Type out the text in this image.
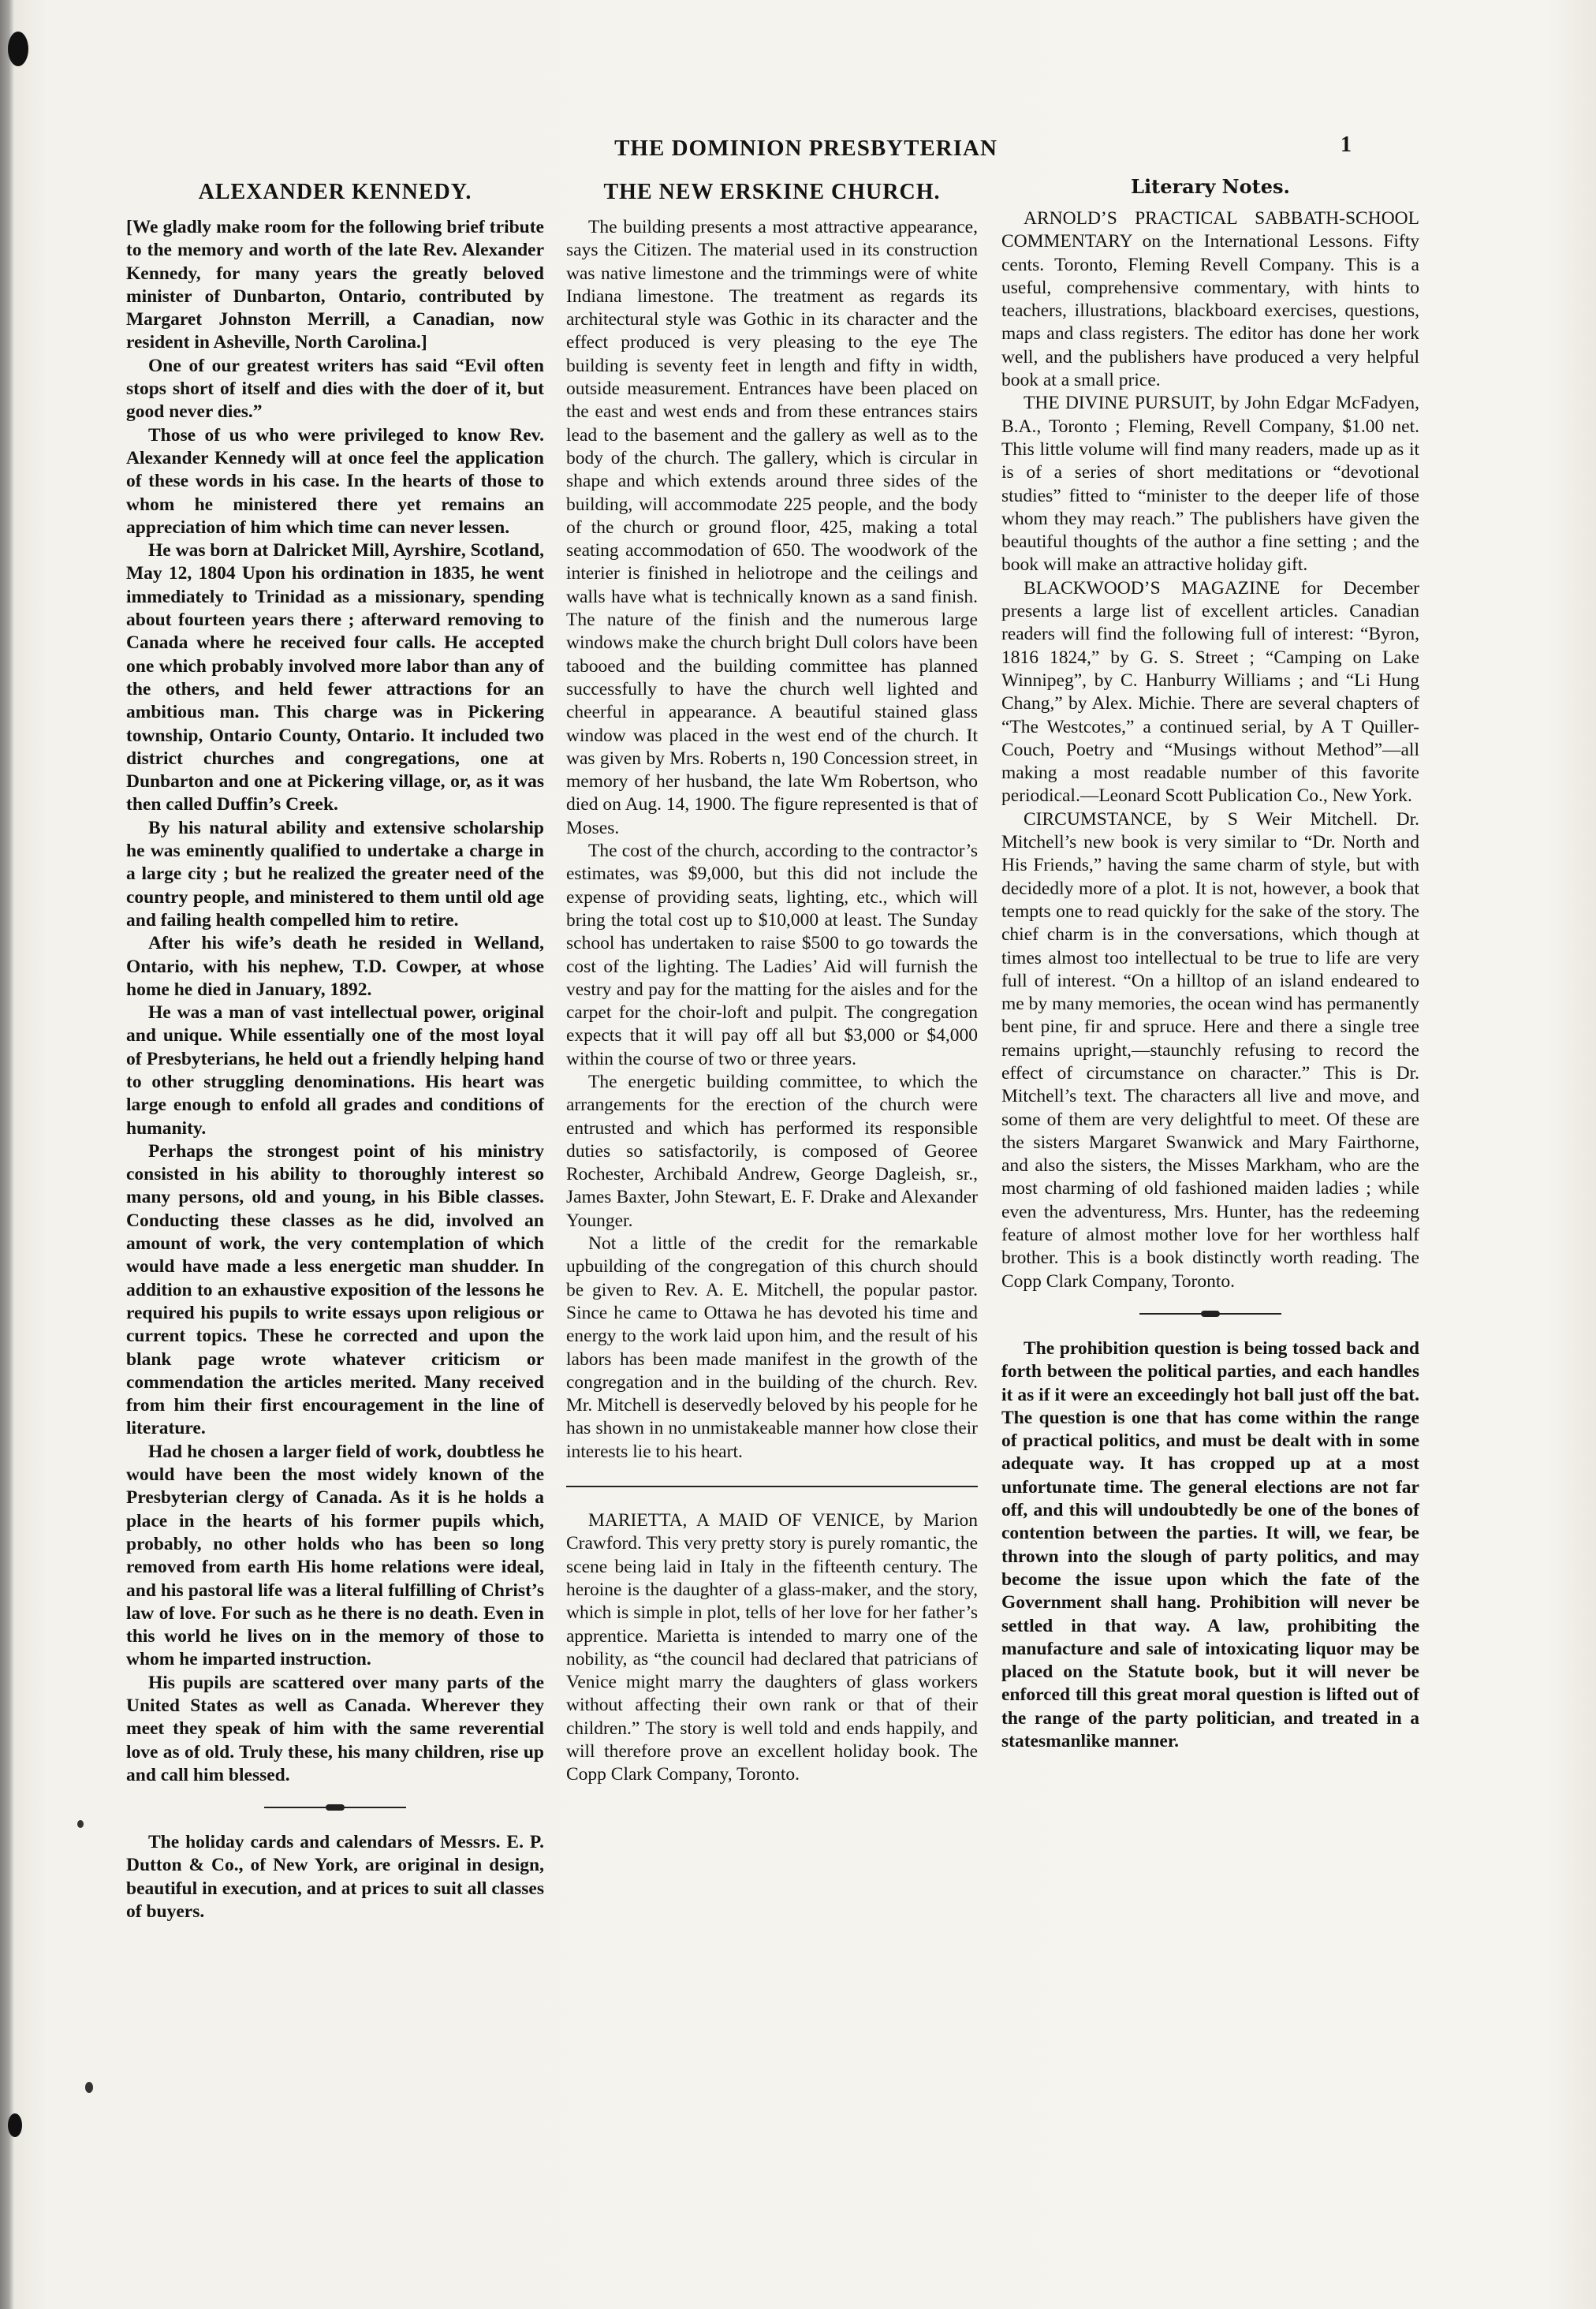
THE DOMINION PRESBYTERIAN	1
ALEXANDER KENNEDY.

[We gladly make room for the following brief tribute to the memory and worth of the late Rev. Alexander Kennedy, for many years the greatly beloved minister of Dunbarton, Ontario, contributed by Margaret Johnston Merrill, a Canadian, now resident in Asheville, North Carolina.]

One of our greatest writers has said “Evil often stops short of itself and dies with the doer of it, but good never dies.”

Those of us who were privileged to know Rev. Alexander Kennedy will at once feel the application of these words in his case. In the hearts of those to whom he ministered there yet remains an appreciation of him which time can never lessen.

He was born at Dalricket Mill, Ayrshire, Scotland, May 12, 1804 Upon his ordination in 1835, he went immediately to Trinidad as a missionary, spending about fourteen years there ; afterward removing to Canada where he received four calls. He accepted one which probably involved more labor than any of the others, and held fewer attractions for an ambitious man. This charge was in Pickering township, Ontario County, Ontario. It included two district churches and congregations, one at Dunbarton and one at Pickering village, or, as it was then called Duffin’s Creek.

By his natural ability and extensive scholarship he was eminently qualified to undertake a charge in a large city ; but he realized the greater need of the country people, and ministered to them until old age and failing health compelled him to retire.

After his wife’s death he resided in Welland, Ontario, with his nephew, T.D. Cowper, at whose home he died in January, 1892.

He was a man of vast intellectual power, original and unique. While essentially one of the most loyal of Presbyterians, he held out a friendly helping hand to other struggling denominations. His heart was large enough to enfold all grades and conditions of humanity.

Perhaps the strongest point of his ministry consisted in his ability to thoroughly interest so many persons, old and young, in his Bible classes. Conducting these classes as he did, involved an amount of work, the very contemplation of which would have made a less energetic man shudder. In addition to an exhaustive exposition of the lessons he required his pupils to write essays upon religious or current topics. These he corrected and upon the blank page wrote whatever criticism or commendation the articles merited. Many received from him their first encouragement in the line of literature.

Had he chosen a larger field of work, doubtless he would have been the most widely known of the Presbyterian clergy of Canada. As it is he holds a place in the hearts of his former pupils which, probably, no other holds who has been so long removed from earth His home relations were ideal, and his pastoral life was a literal fulfilling of Christ’s law of love. For such as he there is no death. Even in this world he lives on in the memory of those to whom he imparted instruction.

His pupils are scattered over many parts of the United States as well as Canada. Wherever they meet they speak of him with the same reverential love as of old. Truly these, his many children, rise up and call him blessed.

The holiday cards and calendars of Messrs. E. P. Dutton & Co., of New York, are original in design, beautiful in execution, and at prices to suit all classes of buyers.

THE NEW ERSKINE CHURCH.

The building presents a most attractive appearance, says the Citizen. The material used in its construction was native limestone and the trimmings were of white Indiana limestone. The treatment as regards its architectural style was Gothic in its character and the effect produced is very pleasing to the eye The building is seventy feet in length and fifty in width, outside measurement. Entrances have been placed on the east and west ends and from these entrances stairs lead to the basement and the gallery as well as to the body of the church. The gallery, which is circular in shape and which extends around three sides of the building, will accommodate 225 people, and the body of the church or ground floor, 425, making a total seating accommodation of 650. The woodwork of the interier is finished in heliotrope and the ceilings and walls have what is technically known as a sand finish. The nature of the finish and the numerous large windows make the church bright Dull colors have been tabooed and the building committee has planned successfully to have the church well lighted and cheerful in appearance. A beautiful stained glass window was placed in the west end of the church. It was given by Mrs. Roberts n, 190 Concession street, in memory of her husband, the late Wm Robertson, who died on Aug. 14, 1900. The figure represented is that of Moses.

The cost of the church, according to the contractor’s estimates, was $9,000, but this did not include the expense of providing seats, lighting, etc., which will bring the total cost up to $10,000 at least. The Sunday school has undertaken to raise $500 to go towards the cost of the lighting. The Ladies’ Aid will furnish the vestry and pay for the matting for the aisles and for the carpet for the choir-loft and pulpit. The congregation expects that it will pay off all but $3,000 or $4,000 within the course of two or three years.

The energetic building committee, to which the arrangements for the erection of the church were entrusted and which has performed its responsible duties so satisfactorily, is composed of Georee Rochester, Archibald Andrew, George Dagleish, sr., James Baxter, John Stewart, E. F. Drake and Alexander Younger.

Not a little of the credit for the remarkable upbuilding of the congregation of this church should be given to Rev. A. E. Mitchell, the popular pastor. Since he came to Ottawa he has devoted his time and energy to the work laid upon him, and the result of his labors has been made manifest in the growth of the congregation and in the building of the church. Rev. Mr. Mitchell is deservedly beloved by his people for he has shown in no unmistakeable manner how close their interests lie to his heart.

MARIETTA, A MAID OF VENICE, by Marion Crawford. This very pretty story is purely romantic, the scene being laid in Italy in the fifteenth century. The heroine is the daughter of a glass-maker, and the story, which is simple in plot, tells of her love for her father’s apprentice. Marietta is intended to marry one of the nobility, as “the council had declared that patricians of Venice might marry the daughters of glass workers without affecting their own rank or that of their children.” The story is well told and ends happily, and will therefore prove an excellent holiday book. The Copp Clark Company, Toronto.

Literary Notes.

ARNOLD’S PRACTICAL SABBATH-SCHOOL COMMENTARY on the International Lessons. Fifty cents. Toronto, Fleming Revell Company. This is a useful, comprehensive commentary, with hints to teachers, illustrations, blackboard exercises, questions, maps and class registers. The editor has done her work well, and the publishers have produced a very helpful book at a small price.

THE DIVINE PURSUIT, by John Edgar McFadyen, B.A., Toronto ; Fleming, Revell Company, $1.00 net. This little volume will find many readers, made up as it is of a series of short meditations or “devotional studies” fitted to “minister to the deeper life of those whom they may reach.” The publishers have given the beautiful thoughts of the author a fine setting ; and the book will make an attractive holiday gift.

BLACKWOOD’S MAGAZINE for December presents a large list of excellent articles. Canadian readers will find the following full of interest: “Byron, 1816 1824,” by G. S. Street ; “Camping on Lake Winnipeg”, by C. Hanburry Williams ; and “Li Hung Chang,” by Alex. Michie. There are several chapters of “The Westcotes,” a continued serial, by A T Quiller-Couch, Poetry and “Musings without Method”—all making a most readable number of this favorite periodical.—Leonard Scott Publication Co., New York.

CIRCUMSTANCE, by S Weir Mitchell. Dr. Mitchell’s new book is very similar to “Dr. North and His Friends,” having the same charm of style, but with decidedly more of a plot. It is not, however, a book that tempts one to read quickly for the sake of the story. The chief charm is in the conversations, which though at times almost too intellectual to be true to life are very full of interest. “On a hilltop of an island endeared to me by many memories, the ocean wind has permanently bent pine, fir and spruce. Here and there a single tree remains upright,—staunchly refusing to record the effect of circumstance on character.” This is Dr. Mitchell’s text. The characters all live and move, and some of them are very delightful to meet. Of these are the sisters Margaret Swanwick and Mary Fairthorne, and also the sisters, the Misses Markham, who are the most charming of old fashioned maiden ladies ; while even the adventuress, Mrs. Hunter, has the redeeming feature of almost mother love for her worthless half brother. This is a book distinctly worth reading. The Copp Clark Company, Toronto.

The prohibition question is being tossed back and forth between the political parties, and each handles it as if it were an exceedingly hot ball just off the bat. The question is one that has come within the range of practical politics, and must be dealt with in some adequate way. It has cropped up at a most unfortunate time. The general elections are not far off, and this will undoubtedly be one of the bones of contention between the parties. It will, we fear, be thrown into the slough of party politics, and may become the issue upon which the fate of the Government shall hang. Prohibition will never be settled in that way. A law, prohibiting the manufacture and sale of intoxicating liquor may be placed on the Statute book, but it will never be enforced till this great moral question is lifted out of the range of the party politician, and treated in a statesmanlike manner.
